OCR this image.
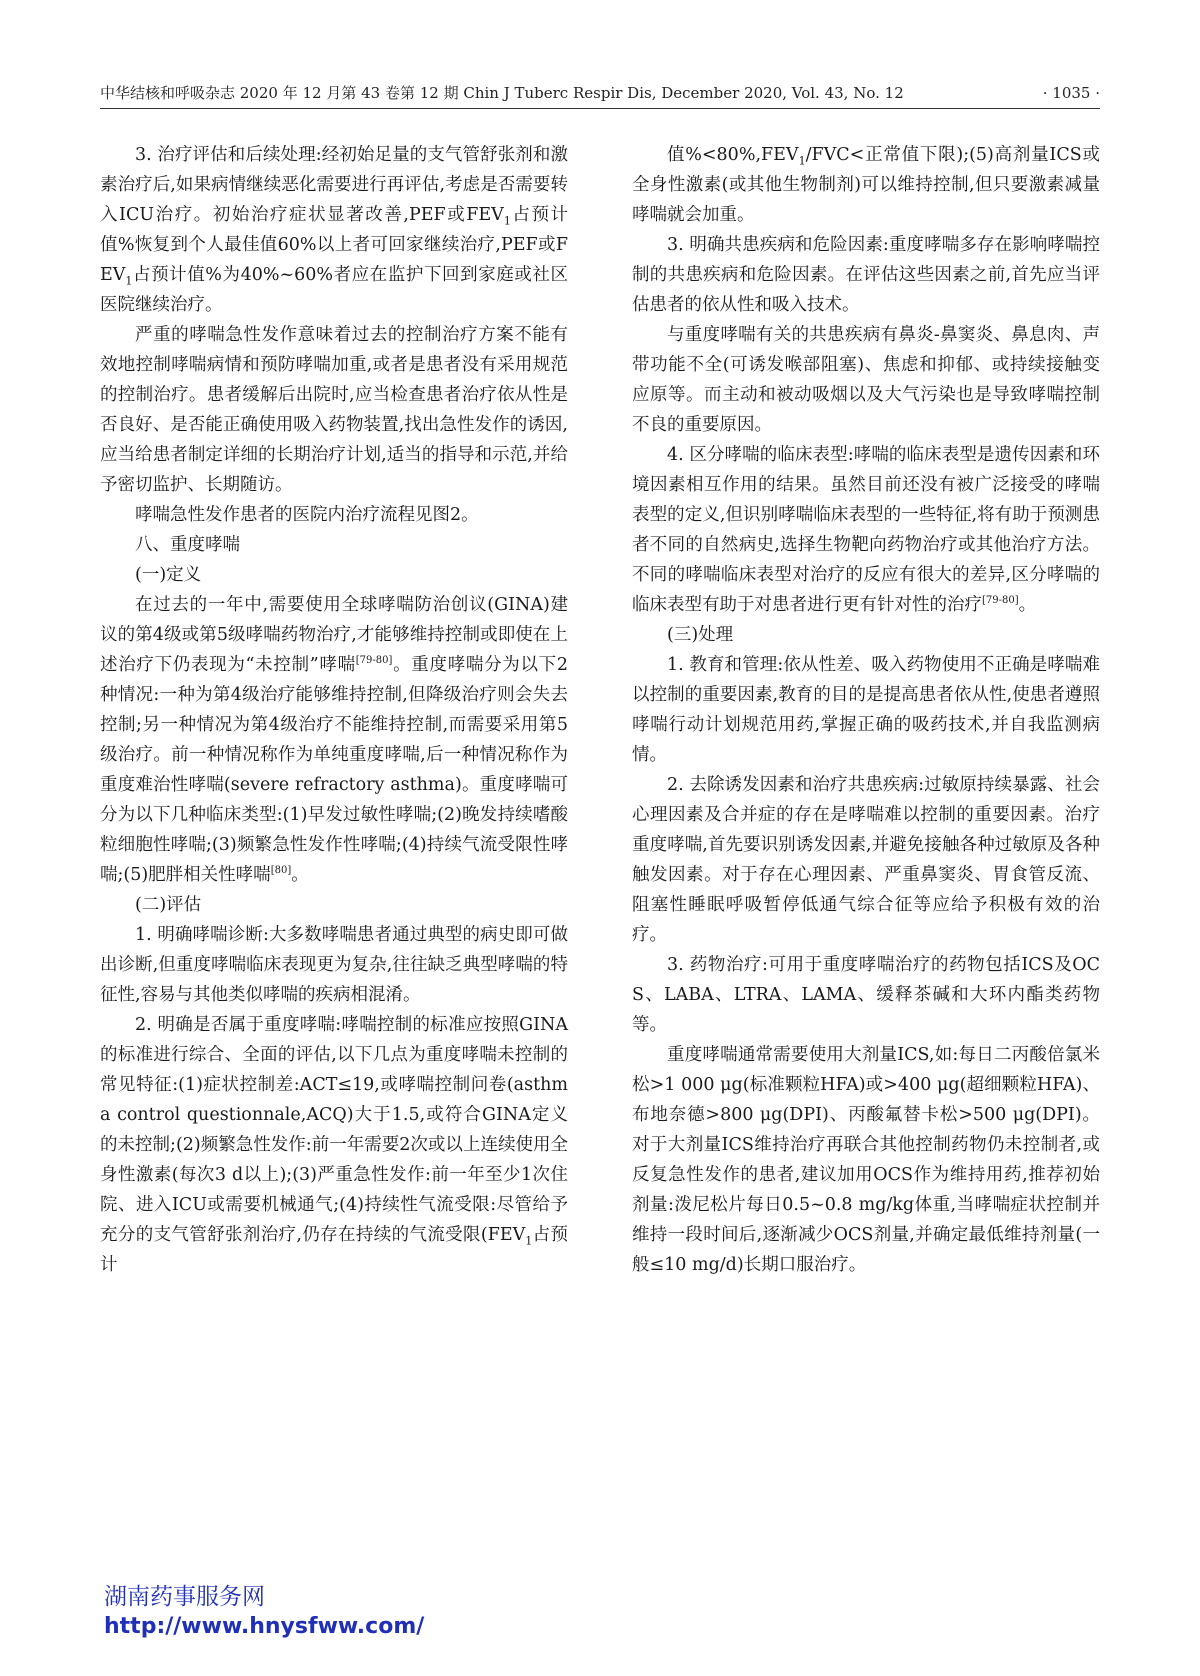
中华结核和呼吸杂志 2020 年 12 月第 43 卷第 12 期 Chin J Tuberc Respir Dis, December 2020, Vol. 43, No. 12	· 1035 ·

3. 治疗评估和后续处理:经初始足量的支气管舒张剂和激素治疗后,如果病情继续恶化需要进行再评估,考虑是否需要转入ICU治疗。初始治疗症状显著改善,PEF或$FEV_1$占预计值%恢复到个人最佳值60%以上者可回家继续治疗,PEF或$FEV_1$占预计值%为40%~60%者应在监护下回到家庭或社区医院继续治疗。

严重的哮喘急性发作意味着过去的控制治疗方案不能有效地控制哮喘病情和预防哮喘加重,或者是患者没有采用规范的控制治疗。患者缓解后出院时,应当检查患者治疗依从性是否良好、是否能正确使用吸入药物装置,找出急性发作的诱因,应当给患者制定详细的长期治疗计划,适当的指导和示范,并给予密切监护、长期随访。

哮喘急性发作患者的医院内治疗流程见图2。

八、重度哮喘

(一)定义

在过去的一年中,需要使用全球哮喘防治创议(GINA)建议的第4级或第5级哮喘药物治疗,才能够维持控制或即使在上述治疗下仍表现为“未控制”哮喘[79-80]。重度哮喘分为以下2种情况:一种为第4级治疗能够维持控制,但降级治疗则会失去控制;另一种情况为第4级治疗不能维持控制,而需要采用第5级治疗。前一种情况称作为单纯重度哮喘,后一种情况称作为重度难治性哮喘(severe refractory asthma)。重度哮喘可分为以下几种临床类型:(1)早发过敏性哮喘;(2)晚发持续嗜酸粒细胞性哮喘;(3)频繁急性发作性哮喘;(4)持续气流受限性哮喘;(5)肥胖相关性哮喘[80]。

(二)评估

1. 明确哮喘诊断:大多数哮喘患者通过典型的病史即可做出诊断,但重度哮喘临床表现更为复杂,往往缺乏典型哮喘的特征性,容易与其他类似哮喘的疾病相混淆。

2. 明确是否属于重度哮喘:哮喘控制的标准应按照GINA的标准进行综合、全面的评估,以下几点为重度哮喘未控制的常见特征:(1)症状控制差:ACT≤19,或哮喘控制问卷(asthma control questionnale,ACQ)大于1.5,或符合GINA定义的未控制;(2)频繁急性发作:前一年需要2次或以上连续使用全身性激素(每次3 d以上);(3)严重急性发作:前一年至少1次住院、进入ICU或需要机械通气;(4)持续性气流受限:尽管给予充分的支气管舒张剂治疗,仍存在持续的气流受限($FEV_1$占预计

值$\%<80\%,FEV_1/FVC<$正常值下限);(5)高剂量ICS或全身性激素(或其他生物制剂)可以维持控制,但只要激素减量哮喘就会加重。

3. 明确共患疾病和危险因素:重度哮喘多存在影响哮喘控制的共患疾病和危险因素。在评估这些因素之前,首先应当评估患者的依从性和吸入技术。

与重度哮喘有关的共患疾病有鼻炎-鼻窦炎、鼻息肉、声带功能不全(可诱发喉部阻塞)、焦虑和抑郁、或持续接触变应原等。而主动和被动吸烟以及大气污染也是导致哮喘控制不良的重要原因。

4. 区分哮喘的临床表型:哮喘的临床表型是遗传因素和环境因素相互作用的结果。虽然目前还没有被广泛接受的哮喘表型的定义,但识别哮喘临床表型的一些特征,将有助于预测患者不同的自然病史,选择生物靶向药物治疗或其他治疗方法。不同的哮喘临床表型对治疗的反应有很大的差异,区分哮喘的临床表型有助于对患者进行更有针对性的治疗[79-80]。

(三)处理

1. 教育和管理:依从性差、吸入药物使用不正确是哮喘难以控制的重要因素,教育的目的是提高患者依从性,使患者遵照哮喘行动计划规范用药,掌握正确的吸药技术,并自我监测病情。

2. 去除诱发因素和治疗共患疾病:过敏原持续暴露、社会心理因素及合并症的存在是哮喘难以控制的重要因素。治疗重度哮喘,首先要识别诱发因素,并避免接触各种过敏原及各种触发因素。对于存在心理因素、严重鼻窦炎、胃食管反流、阻塞性睡眠呼吸暂停低通气综合征等应给予积极有效的治疗。

3. 药物治疗:可用于重度哮喘治疗的药物包括ICS及OCS、LABA、LTRA、LAMA、缓释茶碱和大环内酯类药物等。

重度哮喘通常需要使用大剂量ICS,如:每日二丙酸倍氯米松>1 000 μg(标准颗粒HFA)或>400 μg(超细颗粒HFA)、布地奈德>800 μg(DPI)、丙酸氟替卡松>500 μg(DPI)。对于大剂量ICS维持治疗再联合其他控制药物仍未控制者,或反复急性发作的患者,建议加用OCS作为维持用药,推荐初始剂量:泼尼松片每日0.5~0.8 mg/kg体重,当哮喘症状控制并维持一段时间后,逐渐减少OCS剂量,并确定最低维持剂量(一般≤10 mg/d)长期口服治疗。

湖南药事服务网
http://www.hnysfww.com/
